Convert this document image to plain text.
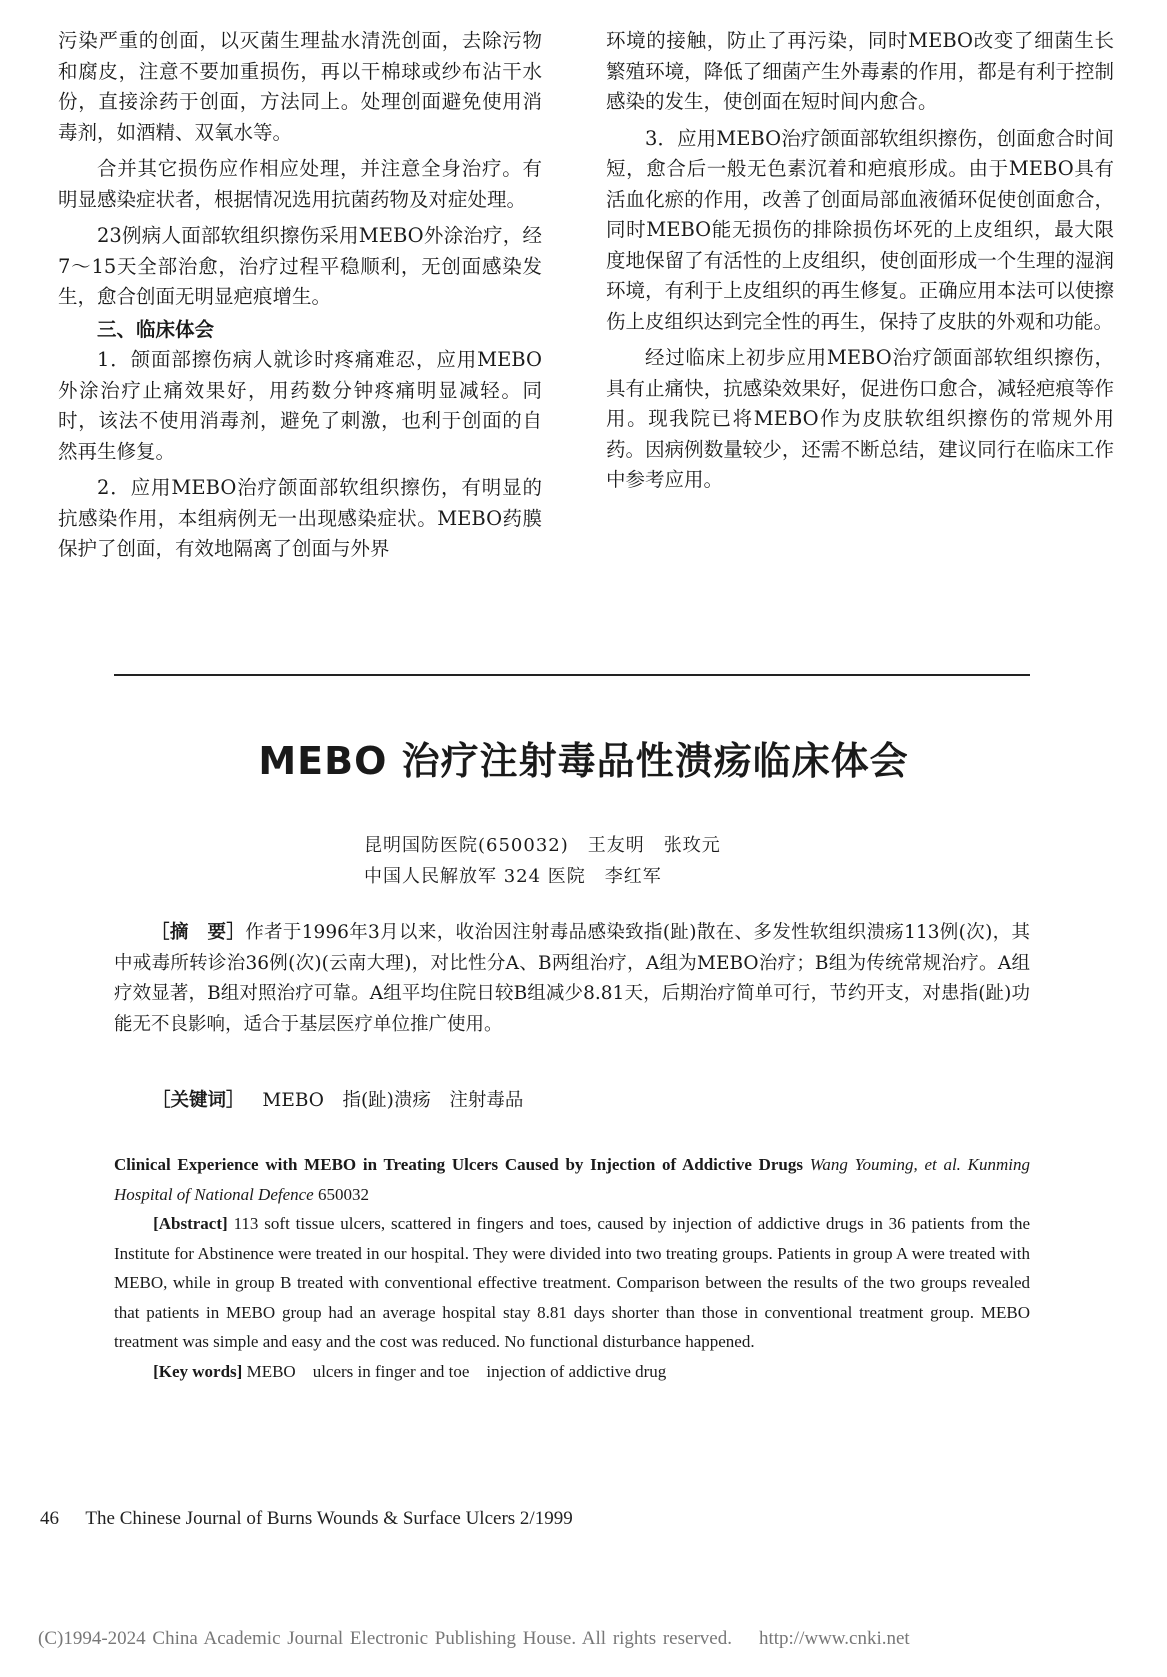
污染严重的创面，以灭菌生理盐水清洗创面，去除污物和腐皮，注意不要加重损伤，再以干棉球或纱布沾干水份，直接涂药于创面，方法同上。处理创面避免使用消毒剂，如酒精、双氧水等。

合并其它损伤应作相应处理，并注意全身治疗。有明显感染症状者，根据情况选用抗菌药物及对症处理。

23例病人面部软组织擦伤采用MEBO外涂治疗，经7～15天全部治愈，治疗过程平稳顺利，无创面感染发生，愈合创面无明显疤痕增生。

三、临床体会

1．颌面部擦伤病人就诊时疼痛难忍，应用MEBO外涂治疗止痛效果好，用药数分钟疼痛明显减轻。同时，该法不使用消毒剂，避免了刺激，也利于创面的自然再生修复。

2．应用MEBO治疗颌面部软组织擦伤，有明显的抗感染作用，本组病例无一出现感染症状。MEBO药膜保护了创面，有效地隔离了创面与外界

环境的接触，防止了再污染，同时MEBO改变了细菌生长繁殖环境，降低了细菌产生外毒素的作用，都是有利于控制感染的发生，使创面在短时间内愈合。

3．应用MEBO治疗颌面部软组织擦伤，创面愈合时间短，愈合后一般无色素沉着和疤痕形成。由于MEBO具有活血化瘀的作用，改善了创面局部血液循环促使创面愈合，同时MEBO能无损伤的排除损伤坏死的上皮组织，最大限度地保留了有活性的上皮组织，使创面形成一个生理的湿润环境，有利于上皮组织的再生修复。正确应用本法可以使擦伤上皮组织达到完全性的再生，保持了皮肤的外观和功能。

经过临床上初步应用MEBO治疗颌面部软组织擦伤，具有止痛快，抗感染效果好，促进伤口愈合，减轻疤痕等作用。现我院已将MEBO作为皮肤软组织擦伤的常规外用药。因病例数量较少，还需不断总结，建议同行在临床工作中参考应用。

MEBO 治疗注射毒品性溃疡临床体会
昆明国防医院(650032)　王友明　张玫元
中国人民解放军 324 医院　李红军

［摘　要］作者于1996年3月以来，收治因注射毒品感染致指(趾)散在、多发性软组织溃疡113例(次)，其中戒毒所转诊治36例(次)(云南大理)，对比性分A、B两组治疗，A组为MEBO治疗；B组为传统常规治疗。A组疗效显著，B组对照治疗可靠。A组平均住院日较B组减少8.81天，后期治疗简单可行，节约开支，对患指(趾)功能无不良影响，适合于基层医疗单位推广使用。

［关键词］ MEBO　指(趾)溃疡　注射毒品

Clinical Experience with MEBO in Treating Ulcers Caused by Injection of Addictive Drugs Wang Youming, et al. Kunming Hospital of National Defence 650032

[Abstract] 113 soft tissue ulcers, scattered in fingers and toes, caused by injection of addictive drugs in 36 patients from the Institute for Abstinence were treated in our hospital. They were divided into two treating groups. Patients in group A were treated with MEBO, while in group B treated with conventional effective treatment. Comparison between the results of the two groups revealed that patients in MEBO group had an average hospital stay 8.81 days shorter than those in conventional treatment group. MEBO treatment was simple and easy and the cost was reduced. No functional disturbance happened.

[Key words] MEBO    ulcers in finger and toe    injection of addictive drug

46 The Chinese Journal of Burns Wounds & Surface Ulcers 2/1999
(C)1994-2024 China Academic Journal Electronic Publishing House. All rights reserved.    http://www.cnki.net
